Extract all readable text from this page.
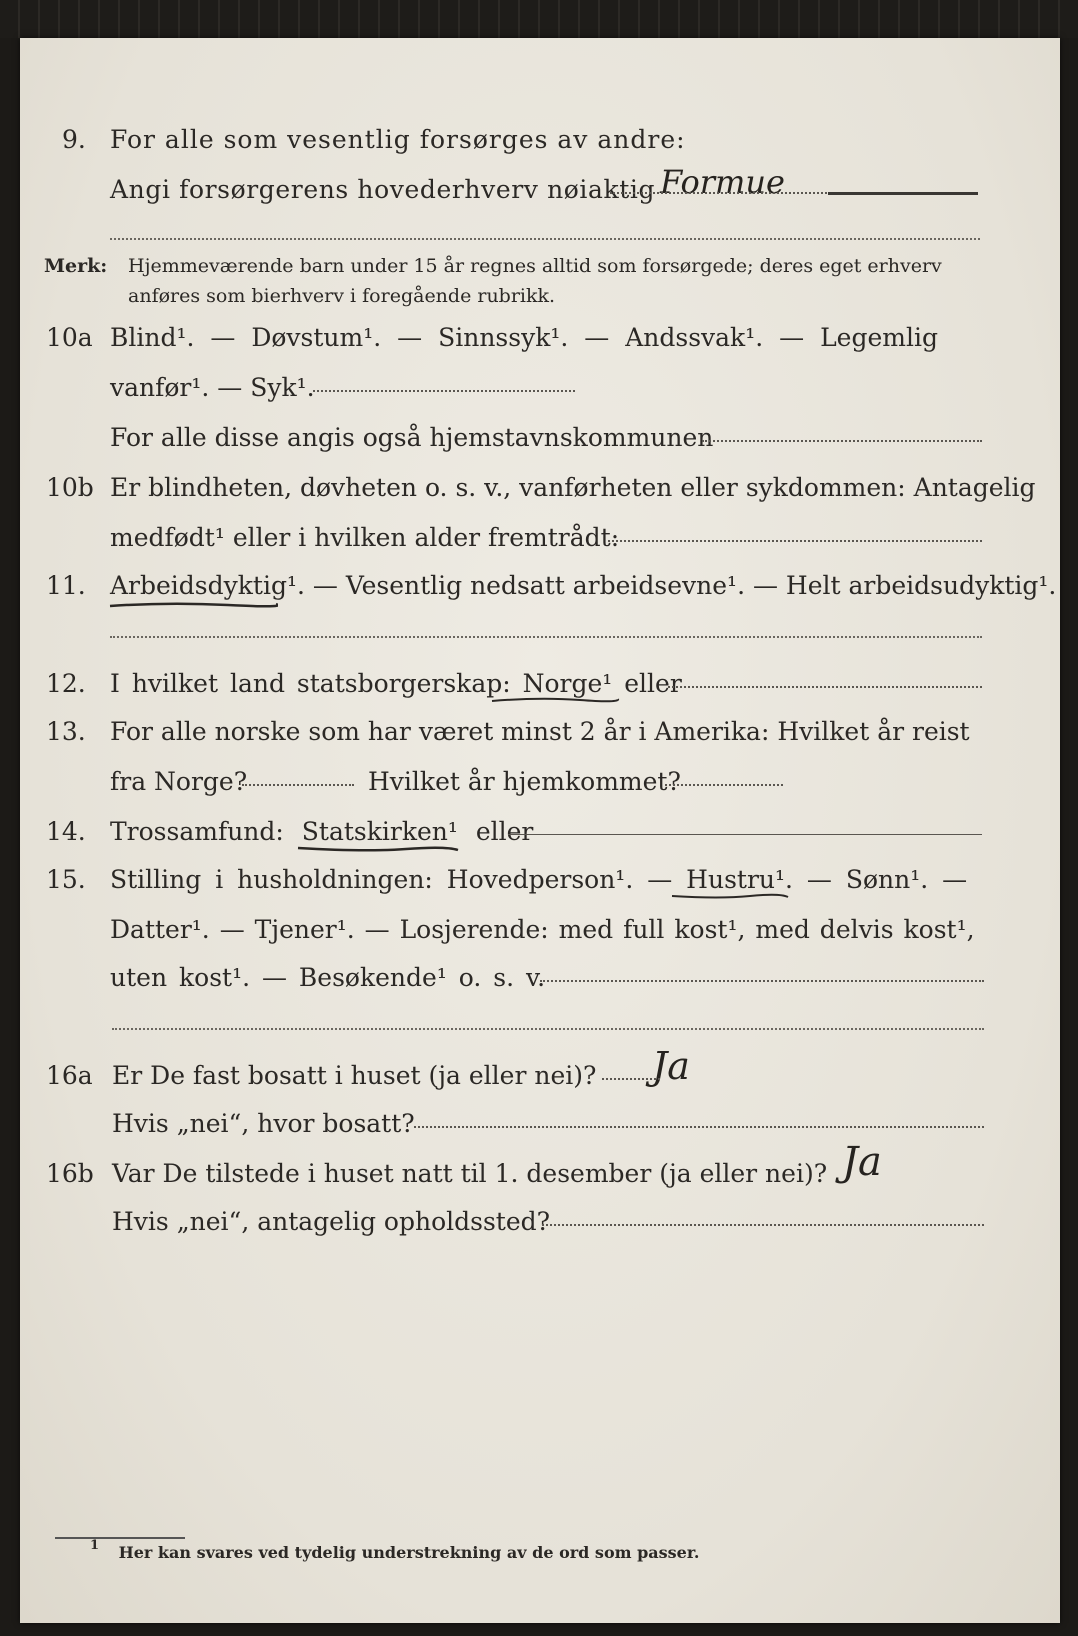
9. For alle som vesentlig forsørges av andre:
Angi forsørgerens hovederhverv nøiaktig Formue
Merk: Hjemmeværende barn under 15 år regnes alltid som forsørgede; deres eget erhverv
anføres som bierhverv i foregående rubrikk.
10a Blind¹. — Døvstum¹. — Sinnssyk¹. — Andssvak¹. — Legemlig
vanfør¹. — Syk¹.
For alle disse angis også hjemstavnskommunen
10b Er blindheten, døvheten o. s. v., vanførheten eller sykdommen: Antagelig
medfødt¹ eller i hvilken alder fremtrådt:
11. Arbeidsdyktig¹. — Vesentlig nedsatt arbeidsevne¹. — Helt arbeidsudyktig¹.
12. I hvilket land statsborgerskap: Norge¹ eller
13. For alle norske som har været minst 2 år i Amerika: Hvilket år reist
fra Norge?	Hvilket år hjemkommet?
14. Trossamfund: Statskirken¹ eller
15. Stilling i husholdningen: Hovedperson¹. — Hustru¹. — Sønn¹. —
Datter¹. — Tjener¹. — Losjerende: med full kost¹, med delvis kost¹,
uten kost¹. — Besøkende¹ o. s. v.
16a Er De fast bosatt i huset (ja eller nei)? Ja
Hvis „nei“, hvor bosatt?
16b Var De tilstede i huset natt til 1. desember (ja eller nei)? Ja
Hvis „nei“, antagelig opholdssted?
$^1$ Her kan svares ved tydelig understrekning av de ord som passer.
